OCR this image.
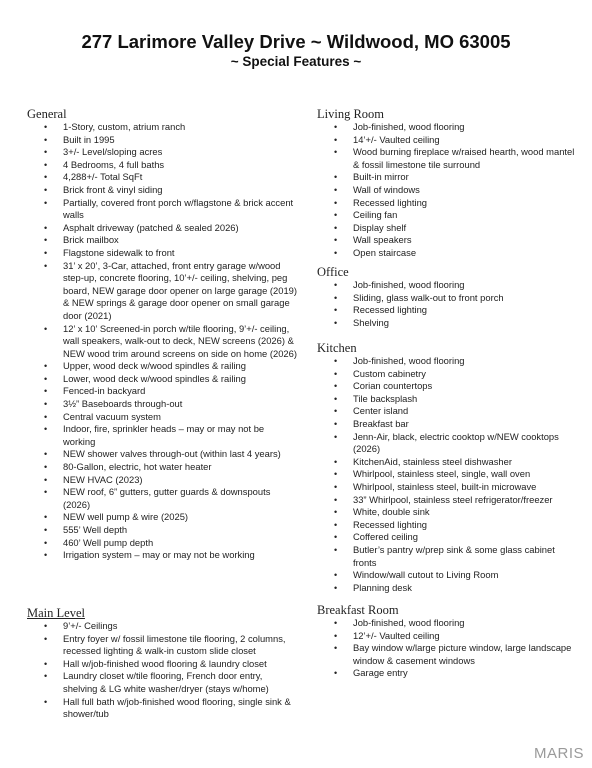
277 Larimore Valley Drive ~ Wildwood, MO 63005
~ Special Features ~
General
• 1-Story, custom, atrium ranch
• Built in 1995
• 3+/- Level/sloping acres
• 4 Bedrooms, 4 full baths
• 4,288+/- Total SqFt
• Brick front & vinyl siding
• Partially, covered front porch w/flagstone & brick accent walls
• Asphalt driveway (patched & sealed 2026)
• Brick mailbox
• Flagstone sidewalk to front
• 31’ x 20’, 3-Car, attached, front entry garage w/wood step-up, concrete flooring, 10’+/- ceiling, shelving, peg board, NEW garage door opener on large garage (2019) & NEW springs & garage door opener on small garage door (2021)
• 12’ x 10’ Screened-in porch w/tile flooring, 9’+/- ceiling, wall speakers, walk-out to deck, NEW screens (2026) & NEW wood trim around screens on side on home (2026)
• Upper, wood deck w/wood spindles & railing
• Lower, wood deck w/wood spindles & railing
• Fenced-in backyard
• 3½” Baseboards through-out
• Central vacuum system
• Indoor, fire, sprinkler heads – may or may not be working
• NEW shower valves through-out (within last 4 years)
• 80-Gallon, electric, hot water heater
• NEW HVAC (2023)
• NEW roof, 6” gutters, gutter guards & downspouts (2026)
• NEW well pump & wire (2025)
• 555’ Well depth
• 460’ Well pump depth
• Irrigation system – may or may not be working
Main Level
• 9’+/- Ceilings
• Entry foyer w/ fossil limestone tile flooring, 2 columns, recessed lighting & walk-in custom slide closet
• Hall w/job-finished wood flooring & laundry closet
• Laundry closet w/tile flooring, French door entry, shelving & LG white washer/dryer (stays w/home)
• Hall full bath w/job-finished wood flooring, single sink & shower/tub
Living Room
• Job-finished, wood flooring
• 14’+/- Vaulted ceiling
• Wood burning fireplace w/raised hearth, wood mantel & fossil limestone tile surround
• Built-in mirror
• Wall of windows
• Recessed lighting
• Ceiling fan
• Display shelf
• Wall speakers
• Open staircase
Office
• Job-finished, wood flooring
• Sliding, glass walk-out to front porch
• Recessed lighting
• Shelving
Kitchen
• Job-finished, wood flooring
• Custom cabinetry
• Corian countertops
• Tile backsplash
• Center island
• Breakfast bar
• Jenn-Air, black, electric cooktop w/NEW cooktops (2026)
• KitchenAid, stainless steel dishwasher
• Whirlpool, stainless steel, single, wall oven
• Whirlpool, stainless steel, built-in microwave
• 33” Whirlpool, stainless steel refrigerator/freezer
• White, double sink
• Recessed lighting
• Coffered ceiling
• Butler’s pantry w/prep sink & some glass cabinet fronts
• Window/wall cutout to Living Room
• Planning desk
Breakfast Room
• Job-finished, wood flooring
• 12’+/- Vaulted ceiling
• Bay window w/large picture window, large landscape window & casement windows
• Garage entry
MARIS
